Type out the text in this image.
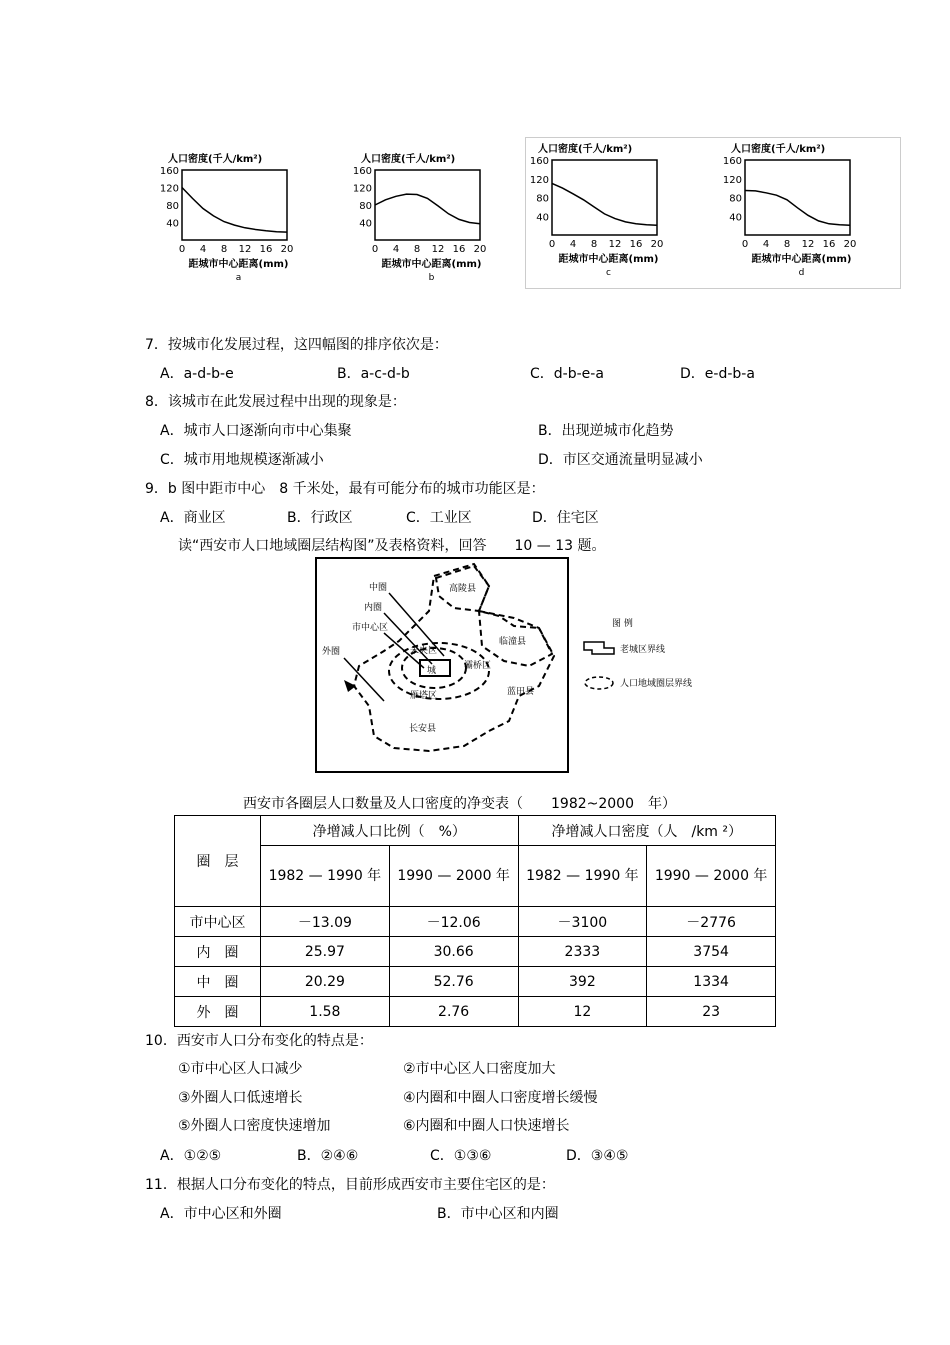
人口密度(千人/km²)
160
120
80
40
0 4 8 12 16 20
距城市中心距离(mm)
a
人口密度(千人/km²)
160
120
80
40
0 4 8 12 16 20
距城市中心距离(mm)
b
人口密度(千人/km²)
160
120
80
40
0 4 8 12 16 20
距城市中心距离(mm)
c
人口密度(千人/km²)
160
120
80
40
0 4 8 12 16 20
距城市中心距离(mm)
d
7．按城市化发展过程，这四幅图的排序依次是：
A．a-d-b-e	B．a-c-d-b	C．d-b-e-a	D．e-d-b-a
8．该城市在此发展过程中出现的现象是：
A．城市人口逐渐向市中心集聚	B．出现逆城市化趋势
C．城市用地规模逐渐减小	D．市区交通流量明显减小
9．b 图中距市中心　8 千米处，最有可能分布的城市功能区是：
A．商业区	B．行政区	C．工业区	D．住宅区
读“西安市人口地域圈层结构图”及表格资料，回答　　10 — 13 题。
中圈
内圈
市中心区
外圈
高陵县
临潼县
灞桥区
蓝田县
长安县
未央区
雁塔区
城
图 例
老城区界线
人口地域圈层界线
西安市各圈层人口数量及人口密度的净变表（　　1982~2000　年）
圈　层	净增减人口比例（　%）		净增减人口密度（人　/km ²）	
	1982 — 1990 年	1990 — 2000 年	1982 — 1990 年	1990 — 2000 年
市中心区	－13.09	－12.06	－3100	－2776
内　圈	25.97	30.66	2333	3754
中　圈	20.29	52.76	392	1334
外　圈	1.58	2.76	12	23
10．西安市人口分布变化的特点是：
①市中心区人口减少	②市中心区人口密度加大
③外圈人口低速增长	④内圈和中圈人口密度增长缓慢
⑤外圈人口密度快速增加	⑥内圈和中圈人口快速增长
A．①②⑤	B．②④⑥	C．①③⑥	D．③④⑤
11．根据人口分布变化的特点，目前形成西安市主要住宅区的是：
A．市中心区和外圈	B．市中心区和内圈
